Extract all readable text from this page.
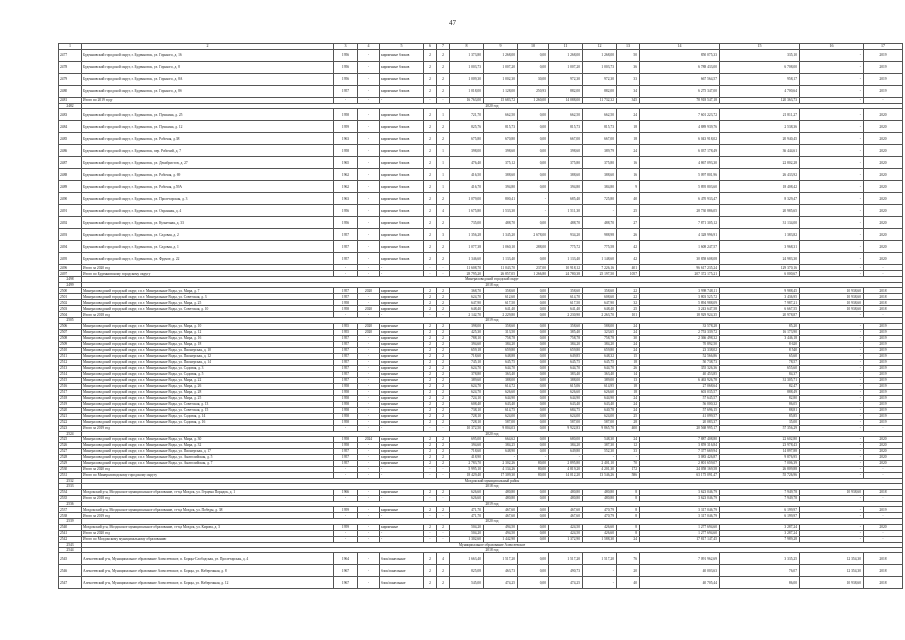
47
1	2	3	4	5	6	7	8	9	10	11	12	13	14	15	16	17
2477	Буденновский городской округ, г. Буденновск, ул. Горького, д. 16	1956	-	кирпичные блоков	2	2	1 373,80	1 268,00	0,00	1 268,00	1 268,00	50	850 075,33	335,10	-	2019
2478	Буденновский городской округ, г. Буденновск, ул. Горького, д. 8	1956	-	кирпичные блоков	2	2	1 003,73	1 007,20	0,00	1 007,20	1 003,73	36	6 788 433,00	6 708,00	-	2019
2479	Буденновский городской округ, г. Буденновск, ул. Горького, д. 8А	1956	-	кирпичные блоков	2	2	1 009,30	1 002,30	30,00	972,30	972,30	33	667 564,57	958,17	-	2019
2480	Буденновский городской округ, г. Буденновск, ул. Горького, д. 8б	1957	-	кирпичные блоков	2	2	1 018,00	1 128,00	250,93	882,00	882,00	34	6 275 347,00	4 700,64	-	2019
2481	Итого по 2019 году	-	-	-	-	-	16 763,00	15 683,72	1 260,00	14 088,00	11 732,32	345	78 918 547,18	120 363,73	-	-
2482	2020 год															
2483	Буденновский городской округ, г. Буденновск, ул. Пушкина, д. 25	1958	-	кирпичные блоков	2	1	721,70	662,50	0,00	662,50	662,50	24	7 601 223,72	21 811,27	-	2020
2484	Буденновский городской округ, г. Буденновск, ул. Пушкина, д. 12	1959	-	кирпичные блоков	2	2	825,76	815,73	0,00	815,73	815,73	18	4 889 939,76	2 538,36	-	2020
2485	Буденновский городской округ, г. Буденновск, ул. Рабочая, д.38	1963	-	кирпичные блоков	2	2	675,80	670,80	0,00	667,00	667,00	18	6 043 918,02	20 940,45	-	2020
2486	Буденновский городской округ, г. Буденновск, пер. Рабочий, д. 7	1958	-	кирпичные блоков	2	1	398,00	398,60	0,00	398,60	389,79	24	6 037 178,49	36 444,61	-	2020
2487	Буденновский городской округ, г. Буденновск, ул. Декабристов, д. 27	1965	-	кирпичные блоков	2	1	476,40	375,12	0,00	375,80	375,80	16	4 867 093,30	22 802,28	-	2020
2488	Буденновский городской округ, г. Буденновск, ул. Рабочая, д. 69	1962	-	кирпичные блоков	2	1	416,50	388,60	0,00	388,60	388,60	16	5 097 801,96	26 433,92	-	2020
2489	Буденновский городской округ, г. Буденновск, ул. Рабочая, д.59А	1962	-	кирпичные блоков	2	1	416,70	394,80	0,00	394,80	384,80	9	5 895 803,60	18 408,42	-	2020
2490	Буденновский городской округ, г. Буденновск, ул. Пролетарская, д. 3	1963	-	кирпичные блоков	2	2	1 079,00	800,41	-	685,40	725,80	40	6 470 933,47	8 329,47	-	2020
2491	Буденновский городской округ, г. Буденновск, ул. Охранная, д. 4	1956	-	кирпичные блоков	2	4	1 675,80	1 533,30	-	1 511,30	-	25	28 730 886,05	20 985,65	-	2020
2492	Буденновский городской округ, г. Буденновск, ул. Кузнечная, д. 33	1956	-	кирпичные блоков	2	2	735,00	488,70	0,00	488,70	488,70	27	7 871 305,12	31 134,00	-	2020
2493	Буденновский городской округ, г. Буденновск, ул. Садовая, д. 2	1957	-	кирпичные блоков	2	3	1 356,28	1 345,20	2 678,00	934,20	988,98	26	4 328 996,91	1 383,82	-	2020
2494	Буденновский городской округ, г. Буденновск, ул. Садовая, д. 1	1957	-	кирпичные блоков	2	2	1 077,38	1 060,10	288,00	775,72	775,58	42	1 608 247,57	3 968,31	-	2020
2495	Буденновский городской округ, г. Буденновск, ул. Фрунзе, д. 22	1957	-	кирпичные блоков	2	2	1 346,60	1 133,40	0,00	1 133,40	1 148,60	42	30 858 608,08	24 983,30	-	2020
2496	Итого за 2020 год	-	-	-	-	-	11 608,70	11 043,70	237,00	10 918,12	7 226,16	401	96 617 235,24	129 370,16	-	-
2497	Итого по Буденновскому городскому округу	-	-	-	-	-	28 795,20	26 857,05	1 266,80	24 780,38	25 197,50	1057	207 372 175,21	6 000,67	-	-
2498	Минераловодский городской округ															
2499	2018 год															
2500	Минераловодский городской округ, г.п.т. Минеральные Воды, ул. Мира, д. 7	1957	2020	кирпичные	2	2	368,70	358,60	0,00	358,60	358,60	22	3 998 748,11	9 988,45	10 938,60	2018
2501	Минераловодский городской округ, г.п.т. Минеральные Воды, ул. Советская, д. 3	1957	-	кирпичные	2	2	624,70	612,60	0,00	614,70	608,60	22	3 803 525,72	3 436,95	10 938,60	2018
2502	Минераловодский городской округ, г.п.т. Минеральные Воды, ул. Мира, д. 25	1958	-	кирпичные	2	2	647,90	617,50	0,00	617,50	647,90	32	5 894 988,09	7 987,21	10 938,60	2018
2503	Минераловодский городской округ, г.п.т. Минеральные Воды, ул. Советская, д. 10	1958	2020	кирпичные	2	2	648,40	641,40	0,00	641,40	648,40	25	3 243 647,58	6 667,55	10 938,60	2018
2504	Итого за 2018 год	-	-	-	-	-	2 142,70	2 229,80	0,00	2 230,90	2 263,70	101	18 929 924,35	20 978,87	-	-
2505	2019 год															
2506	Минераловодский городской округ, г.п.т. Минеральные Воды, ул. Мира, д. 10	1955	2020	кирпичные	2	2	398,00	358,60	0,00	358,60	588,00	24	33 578,28	85,20	-	2019
2507	Минераловодский городской округ, г.п.т. Минеральные Воды, ул. Мира, д. 12	1955	2020	кирпичные	2	2	425,30	313,50	0,00	385,40	323,65	24	2 753 339,72	16 173,90	-	2019
2508	Минераловодский городской округ, г.п.т. Минеральные Воды, ул. Мира, д. 16	1957	-	кирпичные	2	2	788,10	758,78	0,00	758,78	758,78	30	2 366 498,32	3 446,18	-	2019
2509	Минераловодский городской округ, г.п.т. Минеральные Воды, ул. Мира, д. 18	1957	-	кирпичные	2	2	394,60	384,20	0,00	384,20	384,20	24	70 892,50	8 620	-	2019
2510	Минераловодский городской округ, г.п.т. Минеральные Воды, ул. Пионерская, д. 10	1957	-	кирпичные	2	2	659,18	659,80	0,00	659,80	659,80	24	23 338,02	8 540	-	2019
2511	Минераловодский городской округ, г.п.т. Минеральные Воды, ул. Пионерская, д. 12	1957	-	кирпичные	2	2	718,60	648,88	0,00	649,85	648,32	15	52 566,86	65,60	-	2019
2512	Минераловодский городской округ, г.п.т. Минеральные Воды, ул. Пионерская, д. 14	1957	-	кирпичные	2	2	745,10	645,75	0,00	645,75	645,75	18	50 738,73	78,57	-	2019
2513	Минераловодский городской округ, г.п.т. Минеральные Воды, ул. Садовая, д. 3	1957	-	кирпичные	2	2	624,70	644,70	0,00	644,70	644,70	26	355 326,36	655,60	-	2019
2514	Минераловодский городской округ, г.п.т. Минеральные Воды, ул. Садовая, д. 5	1957	-	кирпичные	2	2	378,80	363,40	0,00	383,40	363,40	14	40 453,85	84,37	-	2019
2515	Минераловодский городской округ, г.п.т. Минеральные Воды, ул. Мира, д. 22	1957	-	кирпичные	2	2	389,60	388,00	0,00	388,00	389,00	13	6 463 926,78	31 305,71	-	2019
2516	Минераловодский городской округ, г.п.т. Минеральные Воды, ул. Мира, д. 26	1958	-	кирпичные	2	2	624,70	614,72	0,00	615,06	614,95	18	27 068,64	82,47	-	2019
2517	Минераловодский городской округ, г.п.т. Минеральные Воды, ул. Мира, д. 28	1958	-	кирпичные	2	2	624,70	626,60	0,00	626,60	626,60	18	603 035,57	888,49	-	2019
2518	Минераловодский городской округ, г.п.т. Минеральные Воды, ул. Мира, д. 25	1958	-	кирпичные	2	2	724,10	644,90	0,00	644,90	644,90	24	57 645,57	82,80	-	2019
2519	Минераловодский городской округ, г.п.т. Минеральные Воды, ул. Советская, д. 13	1958	-	кирпичные	2	2	608,40	643,40	0,00	643,40	643,40	24	56 000,32	86,05	-	2019
2520	Минераловодский городской округ, г.п.т. Минеральные Воды, ул. Советская, д. 15	1958	-	кирпичные	2	2	738,10	614,75	0,00	684,75	640,78	24	57 696,15	88,81	-	2019
2521	Минераловодский городской округ, г.п.т. Минеральные Воды, ул. Садовая, д. 14	1958	-	кирпичные	2	2	728,10	624,00	0,00	624,00	624,00	25	41 099,57	85,85	-	2019
2522	Минераловодский городской округ, г.п.т. Минеральные Воды, ул. Садовая, д. 16	1958	-	кирпичные	2	2	728,10	587,00	0,00	587,00	587,00	28	20 083,37	35,00	-	2019
2523	Итого за 2019 год	-	-	-	-	-	10 372,50	9 804,03	0,00	9 922,83	9 865,70	400	20 568 995,17	57 356,29	-	-
2524	2020 год															
2525	Минераловодский городской округ, г.п.т. Минеральные Воды, ул. Мира, д. 30	1958	2024	кирпичные	2	2	695,00	664,62	0,00	680,00	548,30	24	7 887 408,80	22 602,80	-	2020
2526	Минераловодский городской округ, г.п.т. Минеральные Воды, ул. Мира, д. 32	1958	-	кирпичные	2	2	394,60	384,25	0,00	384,20	387,30	12	3 859 316,84	23 978,43	-	2020
2527	Минераловодский городской округ, г.п.т. Минеральные Воды, ул. Пионерская, д. 17	1957	-	кирпичные	2	2	718,60	648,90	0,00	649,80	552,30	33	7 377 669,94	14 897,88	-	2020
2528	Минераловодский городской округ, г.п.т. Минеральные Воды, ул. Анатолийская, д. 5	1957	-	кирпичные	2	2	418,90	-	-	-	-	-	3 083 426,87	9 876,95	-	2020
2529	Минераловодский городской округ, г.п.т. Минеральные Воды, ул. Анатолийская, д. 7	1957	-	кирпичные	2	2	2 783,70	2 302,26	80,00	2 895,80	2 401,10	70	2 801 659,07	7 006,39	-	2020
2530	Итого за 2020 год	-	-	-	-	-	5 995,10	4 134,26	80,00	4 819,20	4 201,30	172	24 058 169,58	26 809,88	-	-
2531	Итого по Минераловодскому городскому округу	-	-	-	-	-	18 429,40	17 309,30	80,00	14 012,20	13 546,26	586	63 175 091,47	55 726,96	-	-
2532	Моздокский муниципальный район															
2533	2018 год															
2534	Моздокский р-н, Моздокское муниципальное образование, ст-ца Моздок, ул. Герцена Порядок, д. 1	1966	-	кирпичные	2	2	626,60	480,80	0,00	480,80	480,80	8	3 623 046,79	7 949,78	10 938,60	2018
2535	Итого за 2018 год	-	-	-	-	-	626,60	480,80	0,00	480,80	480,80	8	3 623 046,79	7 949,78	-	-
2536	2019 год															
2537	Моздокский р-н, Моздокское муниципальное образование, ст-ца Моздок, ул. Победы, д. 38	1959	-	кирпичные	2	2	471,70	467,60	0,00	467,60	470,79	8	3 317 046,79	6 199,97	-	2019
2538	Итого за 2019 год	-	-	-	-	-	471,70	467,60	0,00	467,60	470,79	8	3 317 046,79	6 199,97	-	-
2539	2020 год															
2540	Моздокский р-н, Моздокское муниципальное образование, ст-ца Моздок, ул. Кирова, д. 3	1959	-	кирпичные	2	2	504,20	494,50	0,00	424,50	426,60	8	1 277 694,60	3 287,24	-	2020
2541	Итого за 2020 год	-	-	-	-	-	504,20	494,50	0,00	424,50	426,60	8	1 277 694,60	3 287,24	-	-
2542	Итого по Моздокскому муниципальному образованию	-	-	-	-	-	1 302,60	1 442,90	0,00	1 372,90	1 588,30	24	17 817 147,45	7 989,28	-	-
2543	Муниципальное образование Алексеевское															
2544	2018 год															
2545	Алексеевский р-н, Муниципальное образование Алексеевское, п. Борцы-Слободская, ул. Пролетарская, д. 4	1964	-	блок/панельные	2	4	1 663,40	1 517,20	0,00	1 517,20	1 517,20	76	7 091 962,69	3 335,25	12 354,30	2018
2546	Алексеевский р-н, Муниципальное образование Алексеевское, п. Борцы, ул. Набережная, д. 8	1967	-	блок/панельные	2	2	825,08	463,73	0,00	490,73	-	20	40 003,63	76,07	12 354,30	2018
2547	Алексеевский р-н, Муниципальное образование Алексеевское, п. Борцы, ул. Набережная, д. 12	1967	-	блок/панельные	2	2	545,00	474,25	0,00	474,25	-	40	40 705,44	86,00	10 938,60	2018
